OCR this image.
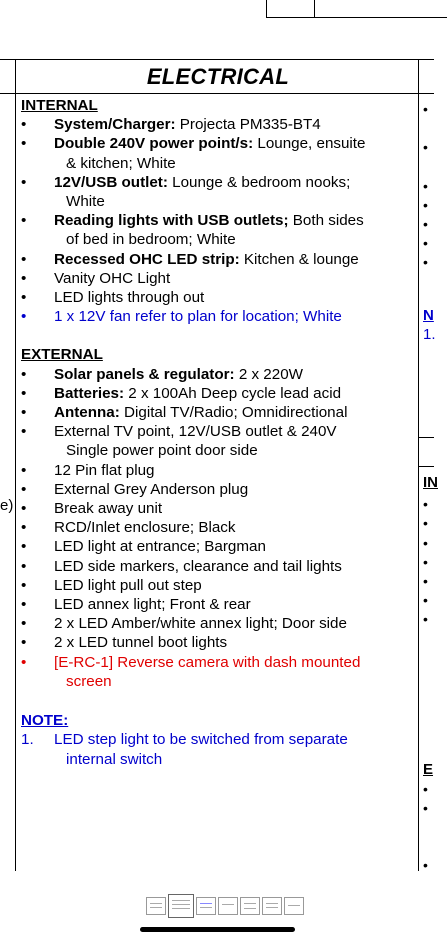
ELECTRICAL
INTERNAL
• System/Charger: Projecta PM335-BT4
• Double 240V power point/s: Lounge, ensuite
& kitchen; White
• 12V/USB outlet: Lounge & bedroom nooks;
White
• Reading lights with USB outlets; Both sides
of bed in bedroom; White
• Recessed OHC LED strip: Kitchen & lounge
• Vanity OHC Light
• LED lights through out
• 1 x 12V fan refer to plan for location; White
EXTERNAL
• Solar panels & regulator: 2 x 220W
• Batteries: 2 x 100Ah Deep cycle lead acid
• Antenna: Digital TV/Radio; Omnidirectional
• External TV point, 12V/USB outlet & 240V
Single power point door side
• 12 Pin flat plug
• External Grey Anderson plug
• Break away unit
• RCD/Inlet enclosure; Black
• LED light at entrance; Bargman
• LED side markers, clearance and tail lights
• LED light pull out step
• LED annex light; Front & rear
• 2 x LED Amber/white annex light; Door side
• 2 x LED tunnel boot lights
• [E-RC-1] Reverse camera with dash mounted
screen
NOTE:
1. LED step light to be switched from separate
internal switch
e)
•
•
•
•
•
•
•
N
1.
IN
•
•
•
•
•
•
•
E
•
•
•
